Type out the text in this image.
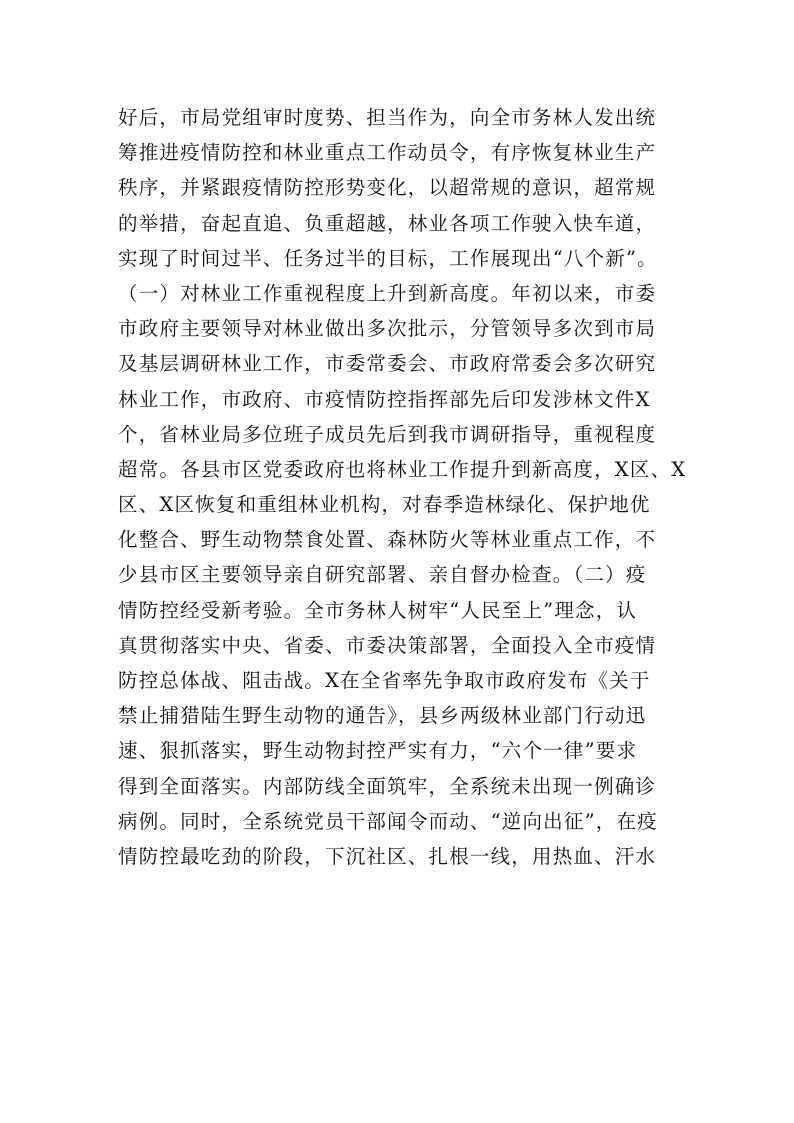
好后，市局党组审时度势、担当作为，向全市务林人发出统
筹推进疫情防控和林业重点工作动员令，有序恢复林业生产
秩序，并紧跟疫情防控形势变化，以超常规的意识，超常规
的举措，奋起直追、负重超越，林业各项工作驶入快车道，
实现了时间过半、任务过半的目标，工作展现出“八个新”。
（一）对林业工作重视程度上升到新高度。年初以来，市委
市政府主要领导对林业做出多次批示，分管领导多次到市局
及基层调研林业工作，市委常委会、市政府常委会多次研究
林业工作，市政府、市疫情防控指挥部先后印发涉林文件X
个，省林业局多位班子成员先后到我市调研指导，重视程度
超常。各县市区党委政府也将林业工作提升到新高度，X区、X
区、X区恢复和重组林业机构，对春季造林绿化、保护地优
化整合、野生动物禁食处置、森林防火等林业重点工作，不
少县市区主要领导亲自研究部署、亲自督办检查。（二）疫
情防控经受新考验。全市务林人树牢“人民至上”理念，认
真贯彻落实中央、省委、市委决策部署，全面投入全市疫情
防控总体战、阻击战。X在全省率先争取市政府发布《关于
禁止捕猎陆生野生动物的通告》，县乡两级林业部门行动迅
速、狠抓落实，野生动物封控严实有力，“六个一律”要求
得到全面落实。内部防线全面筑牢，全系统未出现一例确诊
病例。同时，全系统党员干部闻令而动、“逆向出征”，在疫
情防控最吃劲的阶段，下沉社区、扎根一线，用热血、汗水
